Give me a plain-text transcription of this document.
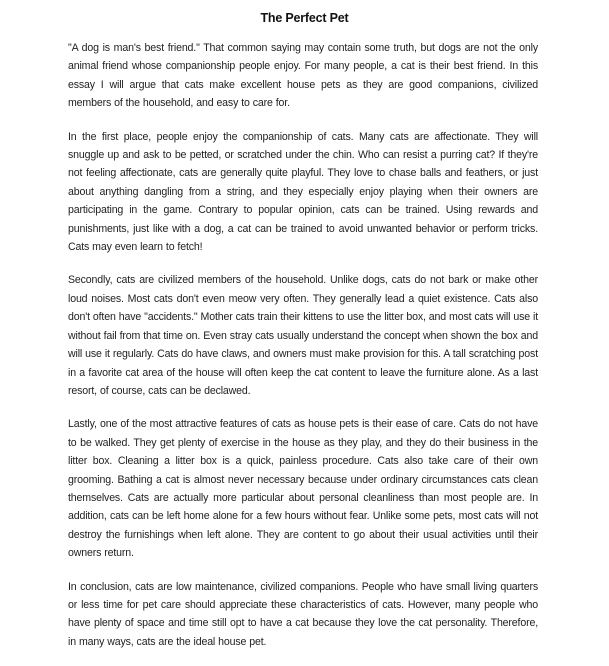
The Perfect Pet

"A dog is man's best friend." That common saying may contain some truth, but dogs are not the only animal friend whose companionship people enjoy. For many people, a cat is their best friend. In this essay I will argue that cats make excellent house pets as they are good companions, civilized members of the household, and easy to care for.

In the first place, people enjoy the companionship of cats. Many cats are affectionate. They will snuggle up and ask to be petted, or scratched under the chin. Who can resist a purring cat? If they're not feeling affectionate, cats are generally quite playful. They love to chase balls and feathers, or just about anything dangling from a string, and they especially enjoy playing when their owners are participating in the game. Contrary to popular opinion, cats can be trained. Using rewards and punishments, just like with a dog, a cat can be trained to avoid unwanted behavior or perform tricks. Cats may even learn to fetch!

Secondly, cats are civilized members of the household. Unlike dogs, cats do not bark or make other loud noises. Most cats don't even meow very often. They generally lead a quiet existence. Cats also don't often have "accidents." Mother cats train their kittens to use the litter box, and most cats will use it without fail from that time on. Even stray cats usually understand the concept when shown the box and will use it regularly. Cats do have claws, and owners must make provision for this. A tall scratching post in a favorite cat area of the house will often keep the cat content to leave the furniture alone. As a last resort, of course, cats can be declawed.

Lastly, one of the most attractive features of cats as house pets is their ease of care. Cats do not have to be walked. They get plenty of exercise in the house as they play, and they do their business in the litter box. Cleaning a litter box is a quick, painless procedure. Cats also take care of their own grooming. Bathing a cat is almost never necessary because under ordinary circumstances cats clean themselves. Cats are actually more particular about personal cleanliness than most people are. In addition, cats can be left home alone for a few hours without fear. Unlike some pets, most cats will not destroy the furnishings when left alone. They are content to go about their usual activities until their owners return.

In conclusion, cats are low maintenance, civilized companions. People who have small living quarters or less time for pet care should appreciate these characteristics of cats. However, many people who have plenty of space and time still opt to have a cat because they love the cat personality. Therefore, in many ways, cats are the ideal house pet.
